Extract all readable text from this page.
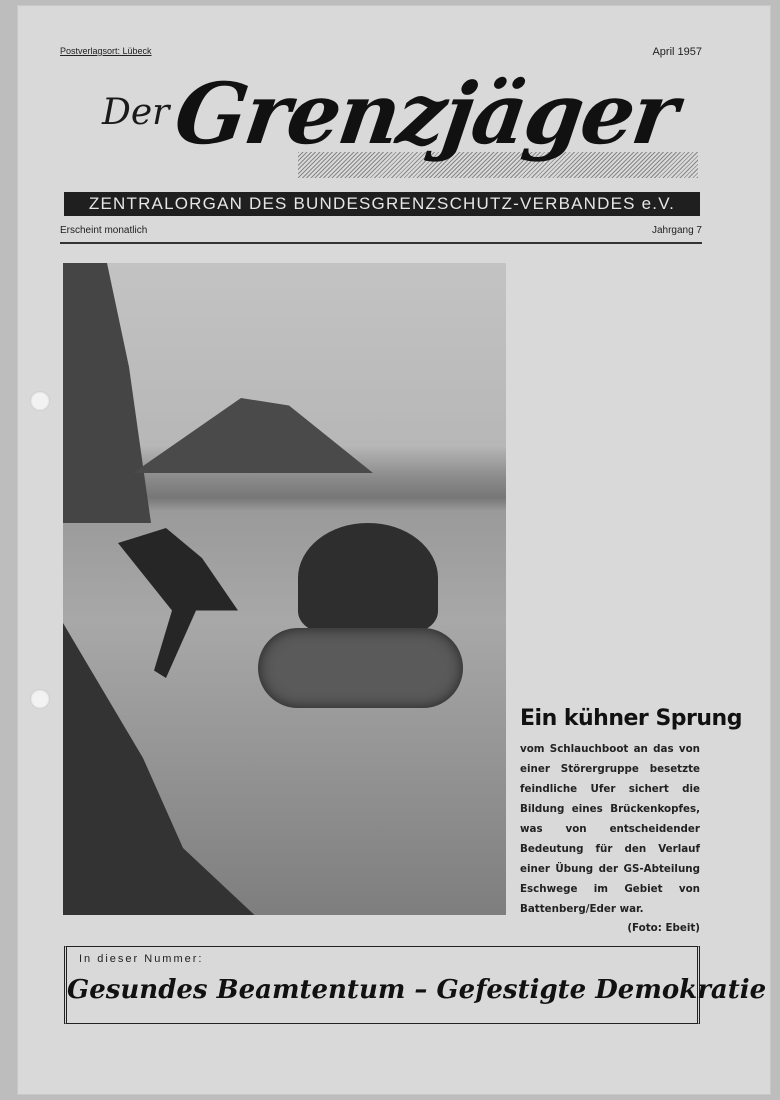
Postverlagsort: Lübeck	April 1957
Der Grenzjäger
ZENTRALORGAN DES BUNDESGRENZSCHUTZ-VERBANDES e.V.
Erscheint monatlich	Jahrgang 7
Ein kühner Sprung
vom Schlauchboot an das von einer Störergruppe besetzte feindliche Ufer sichert die Bildung eines Brückenkopfes, was von entscheidender Bedeutung für den Verlauf einer Übung der GS-Abteilung Eschwege im Gebiet von Battenberg/Eder war.
(Foto: Ebeit)
In dieser Nummer:
Gesundes Beamtentum – Gefestigte Demokratie
